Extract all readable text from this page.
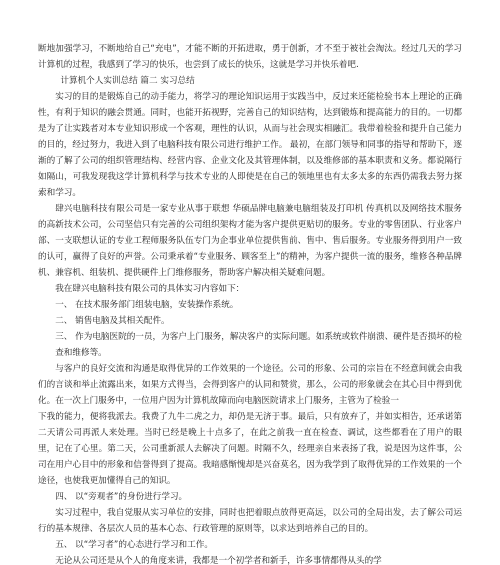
断地加强学习，不断地给自己“充电”，才能不断的开拓进取，勇于创新，才不至于被社会淘汰。经过几天的学习计算机的过程，我感到了学习的快乐，也尝到了成长的快乐，这就是学习并快乐着吧.

计算机个人实训总结 篇二 实习总结

实习的目的是锻炼自己的动手能力，将学习的理论知识运用于实践当中，反过来还能检验书本上理论的正确性，有利于知识的融会贯通。同时，也能开拓视野，完善自己的知识结构，达到锻炼和提高能力的目的。一切都是为了让实践者对本专业知识形成一个客观，理性的认识，从而与社会现实相融汇。我带着检验和提升自己能力的目的，经过努力，我进入到了电脑科技有限公司进行维护工作。 最初，在部门领导和同事的指导和帮助下，逐渐的了解了公司的组织管理结构、经营内容、企业文化及其管理体制，以及维修部的基本职责和义务。都说隔行如隔山，可我发现我这学计算机科学与技术专业的人即使是在自己的领地里也有太多太多的东西仍需我去努力探索和学习。

肆兴电脑科技有限公司是一家专业从事于联想 华硕品牌电脑兼电脑组装及打印机 传真机以及网络技术服务的高新技术公司，公司坚信只有完善的公司组织架构才能为客户提供更贴切的服务。专业的零售团队、行业客户部、一支联想认证的专业工程师服务队伍专门为企事业单位提供售前、售中、售后服务。专业服务得到用户一致的认可，赢得了良好的声誉。公司秉承着“专业服务、顾客至上”的精神，为客户提供一流的服务，维修各种品牌机、兼容机、组装机、提供硬件上门维修服务，帮助客户解决相关疑难问题。

我在肆兴电脑科技有限公司的具体实习内容如下：

一、 在技术服务部门组装电脑，安装操作系统。

二、 销售电脑及其相关配件。

三、 作为电脑医院的一员，为客户上门服务，解决客户的实际问题。如系统或软件崩溃、硬件是否损坏的检查和维修等。

与客户的良好交流和沟通是取得优异的工作效果的一个途径。公司的形象、公司的宗旨在不经意间就会由我们的言谈和举止流露出来，如果方式得当，会得到客户的认同和赞赏，那么，公司的形象就会在其心目中得到优化。在一次上门服务中，一位用户因为计算机故障而向电脑医院请求上门服务，主管为了检验一

下我的能力，便将我派去。我费了九牛二虎之力，却仍是无济于事。最后，只有放弃了，并如实相告，还承诺第二天请公司再派人来处理。当时已经是晚上十点多了，在此之前我一直在检查、调试，这些都看在了用户的眼里，记在了心里。第二天，公司重新派人去解决了问题。时隔不久，经理亲自来表扬了我，说是因为这件事，公司在用户心目中的形象和信誉得到了提高。我暗感惭愧却是兴奋莫名，因为我学到了取得优异的工作效果的一个途径，也使我更加懂得自己的知识。

四、 以“旁观者”的身份进行学习。

实习过程中，我自觉服从实习单位的安排，同时也把着眼点放得更高远，以公司的全局出发，去了解公司运行的基本规律、各层次人员的基本心态、行政管理的原则等，以求达到培养自己的目的。

五、 以“学习者”的心态进行学习和工作。

无论从公司还是从个人的角度来讲，我都是一个初学者和新手，许多事情都得从头的学
